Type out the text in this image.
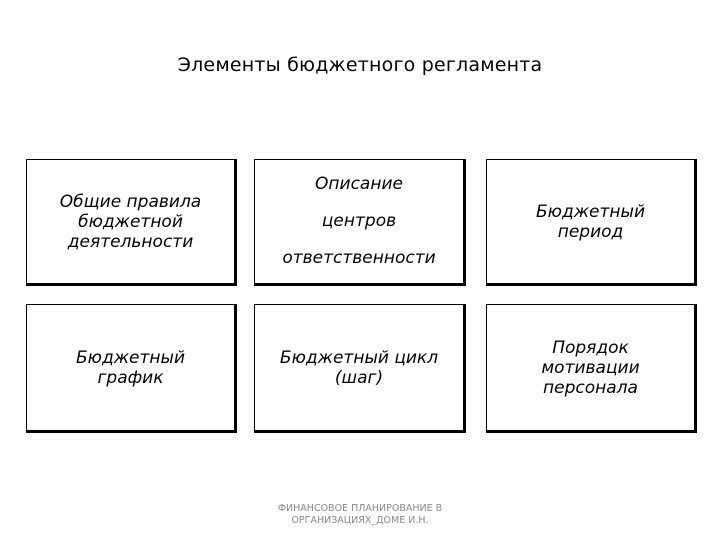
Элементы бюджетного регламента
Общие правила
бюджетной
деятельности
Описание
центров
ответственности
Бюджетный
период
Бюджетный
график
Бюджетный цикл
(шаг)
Порядок
мотивации
персонала
ФИНАНСОВОЕ ПЛАНИРОВАНИЕ В
ОРГАНИЗАЦИЯХ_ДОМЕ И.Н.
